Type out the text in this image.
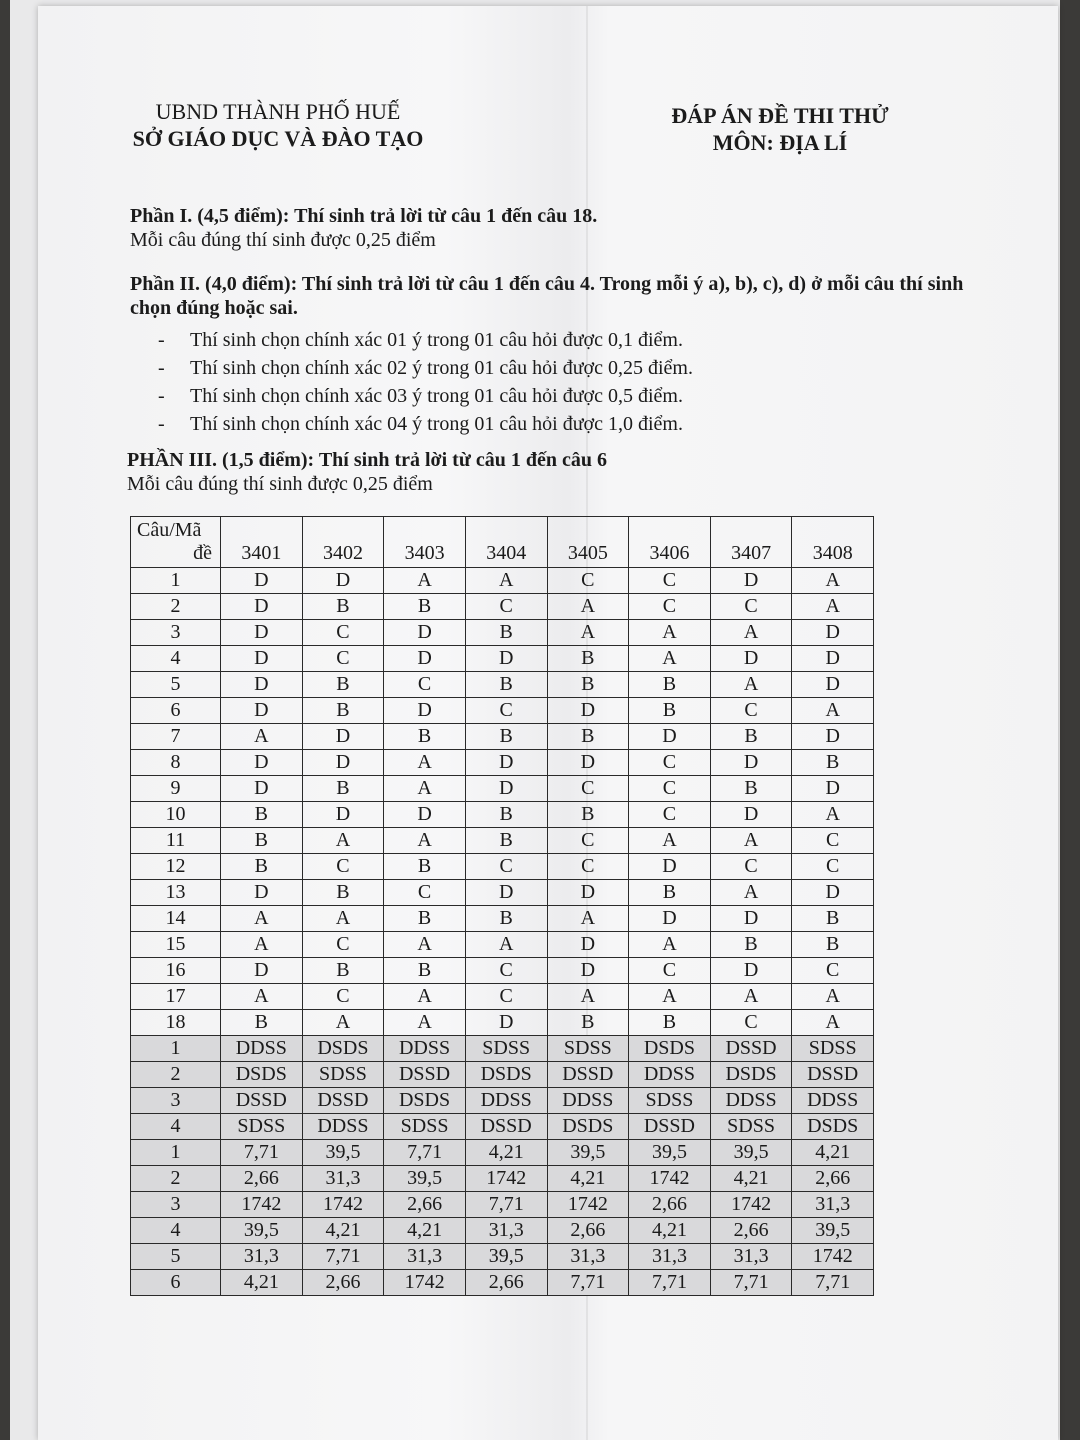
UBND THÀNH PHỐ HUẾ
SỞ GIÁO DỤC VÀ ĐÀO TẠO
ĐÁP ÁN ĐỀ THI THỬ
MÔN: ĐỊA LÍ
Phần I. (4,5 điểm): Thí sinh trả lời từ câu 1 đến câu 18.
Mỗi câu đúng thí sinh được 0,25 điểm
Phần II. (4,0 điểm): Thí sinh trả lời từ câu 1 đến câu 4. Trong mỗi ý a), b), c), d) ở mỗi câu thí sinh chọn đúng hoặc sai.
- Thí sinh chọn chính xác 01 ý trong 01 câu hỏi được 0,1 điểm.
- Thí sinh chọn chính xác 02 ý trong 01 câu hỏi được 0,25 điểm.
- Thí sinh chọn chính xác 03 ý trong 01 câu hỏi được 0,5 điểm.
- Thí sinh chọn chính xác 04 ý trong 01 câu hỏi được 1,0 điểm.
PHẦN III. (1,5 điểm): Thí sinh trả lời từ câu 1 đến câu 6
Mỗi câu đúng thí sinh được 0,25 điểm
Câu/Mã
đề	3401	3402	3403	3404	3405	3406	3407	3408
1	D	D	A	A	C	C	D	A
2	D	B	B	C	A	C	C	A
3	D	C	D	B	A	A	A	D
4	D	C	D	D	B	A	D	D
5	D	B	C	B	B	B	A	D
6	D	B	D	C	D	B	C	A
7	A	D	B	B	B	D	B	D
8	D	D	A	D	D	C	D	B
9	D	B	A	D	C	C	B	D
10	B	D	D	B	B	C	D	A
11	B	A	A	B	C	A	A	C
12	B	C	B	C	C	D	C	C
13	D	B	C	D	D	B	A	D
14	A	A	B	B	A	D	D	B
15	A	C	A	A	D	A	B	B
16	D	B	B	C	D	C	D	C
17	A	C	A	C	A	A	A	A
18	B	A	A	D	B	B	C	A
1	DDSS	DSDS	DDSS	SDSS	SDSS	DSDS	DSSD	SDSS
2	DSDS	SDSS	DSSD	DSDS	DSSD	DDSS	DSDS	DSSD
3	DSSD	DSSD	DSDS	DDSS	DDSS	SDSS	DDSS	DDSS
4	SDSS	DDSS	SDSS	DSSD	DSDS	DSSD	SDSS	DSDS
1	7,71	39,5	7,71	4,21	39,5	39,5	39,5	4,21
2	2,66	31,3	39,5	1742	4,21	1742	4,21	2,66
3	1742	1742	2,66	7,71	1742	2,66	1742	31,3
4	39,5	4,21	4,21	31,3	2,66	4,21	2,66	39,5
5	31,3	7,71	31,3	39,5	31,3	31,3	31,3	1742
6	4,21	2,66	1742	2,66	7,71	7,71	7,71	7,71
